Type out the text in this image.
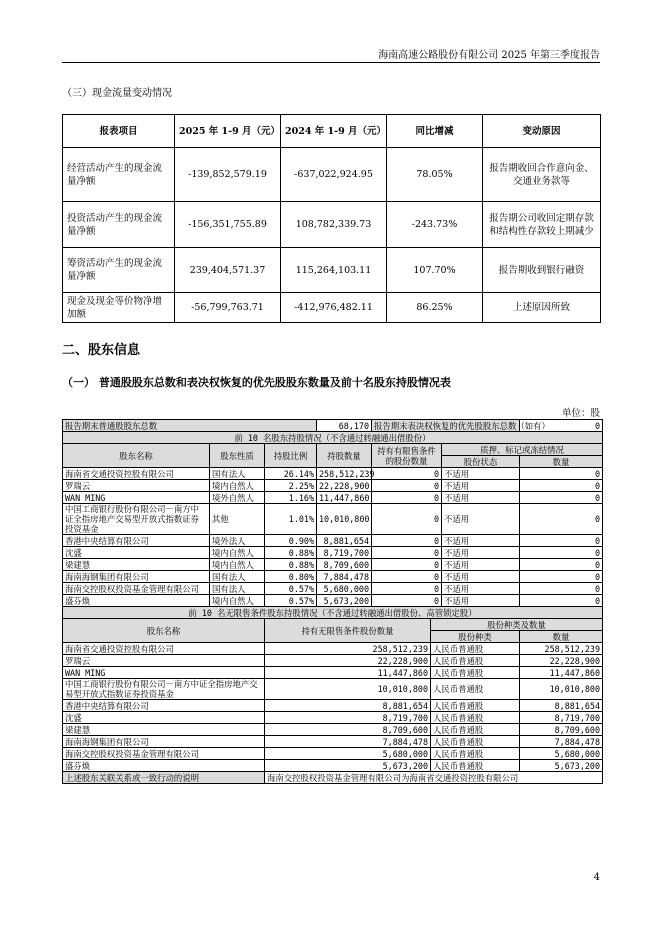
海南高速公路股份有限公司 2025 年第三季度报告
（三）现金流量变动情况
报表项目	2025 年 1-9 月（元）	2024 年 1-9 月（元）	同比增减	变动原因
经营活动产生的现金流量净额	-139,852,579.19	-637,022,924.95	78.05%	报告期收回合作意向金、交通业务款等
投资活动产生的现金流量净额	-156,351,755.89	108,782,339.73	-243.73%	报告期公司收回定期存款和结构性存款较上期减少
筹资活动产生的现金流量净额	239,404,571.37	115,264,103.11	107.70%	报告期收到银行融资
现金及现金等价物净增加额	-56,799,763.71	-412,976,482.11	86.25%	上述原因所致
二、股东信息
（一） 普通股股东总数和表决权恢复的优先股股东数量及前十名股东持股情况表
单位：股
报告期末普通股股东总数			68,170	报告期末表决权恢复的优先股股东总数（如有）			0
前 10 名股东持股情况（不含通过转融通出借股份）							
股东名称	股东性质	持股比例	持股数量	持有有限售条件的股份数量		质押、标记或冻结情况	
						股份状态	数量
海南省交通投资控股有限公司	国有法人	26.14%	258,512,239	0		不适用	0
罗瑞云	境内自然人	2.25%	22,228,900	0		不适用	0
WAN MING	境外自然人	1.16%	11,447,860	0		不适用	0
中国工商银行股份有限公司－南方中证全指房地产交易型开放式指数证券投资基金	其他	1.01%	10,010,800	0		不适用	0
香港中央结算有限公司	境外法人	0.90%	8,881,654	0		不适用	0
沈盛	境内自然人	0.88%	8,719,700	0		不适用	0
梁建慧	境内自然人	0.88%	8,709,600	0		不适用	0
海南海钢集团有限公司	国有法人	0.80%	7,884,478	0		不适用	0
海南交控股权投资基金管理有限公司	国有法人	0.57%	5,680,000	0		不适用	0
盛芬焕	境内自然人	0.57%	5,673,200	0		不适用	0
前 10 名无限售条件股东持股情况（不含通过转融通出借股份、高管锁定股）							
股东名称		持有无限售条件股份数量			股份种类及数量		
					股份种类		数量
海南省交通投资控股有限公司		258,512,239			人民币普通股		258,512,239
罗瑞云		22,228,900			人民币普通股		22,228,900
WAN MING		11,447,860			人民币普通股		11,447,860
中国工商银行股份有限公司－南方中证全指房地产交易型开放式指数证券投资基金		10,010,800			人民币普通股		10,010,800
香港中央结算有限公司		8,881,654			人民币普通股		8,881,654
沈盛		8,719,700			人民币普通股		8,719,700
梁建慧		8,709,600			人民币普通股		8,709,600
海南海钢集团有限公司		7,884,478			人民币普通股		7,884,478
海南交控股权投资基金管理有限公司		5,680,000			人民币普通股		5,680,000
盛芬焕		5,673,200			人民币普通股		5,673,200
上述股东关联关系或一致行动的说明		海南交控股权投资基金管理有限公司为海南省交通投资控股有限公司					
4
